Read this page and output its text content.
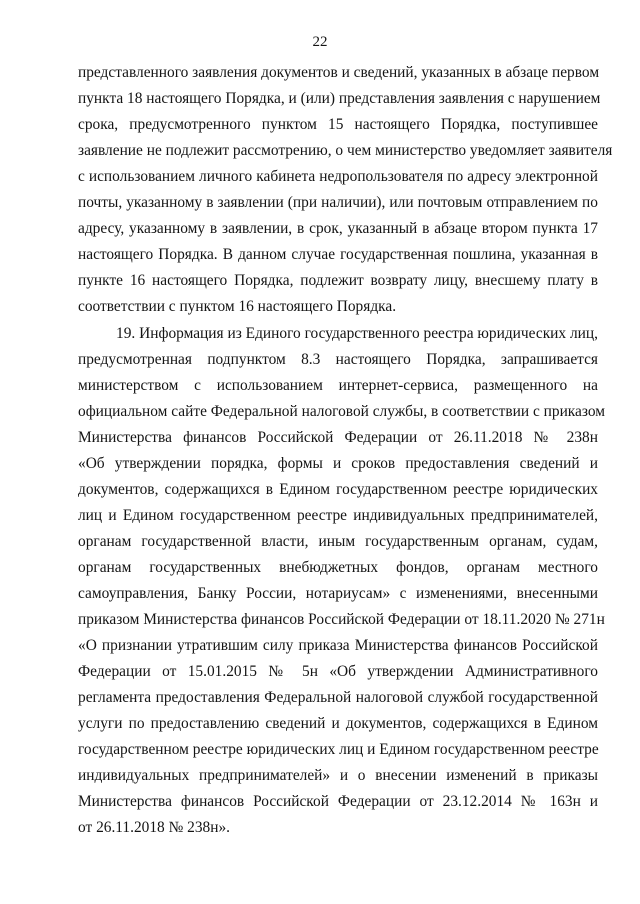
22
представленного заявления документов и сведений, указанных в абзаце первом
пункта 18 настоящего Порядка, и (или) представления заявления с нарушением
срока, предусмотренного пунктом 15 настоящего Порядка, поступившее
заявление не подлежит рассмотрению, о чем министерство уведомляет заявителя
с использованием личного кабинета недропользователя по адресу электронной
почты, указанному в заявлении (при наличии), или почтовым отправлением по
адресу, указанному в заявлении, в срок, указанный в абзаце втором пункта 17
настоящего Порядка. В данном случае государственная пошлина, указанная в
пункте 16 настоящего Порядка, подлежит возврату лицу, внесшему плату в
соответствии с пунктом 16 настоящего Порядка.
19. Информация из Единого государственного реестра юридических лиц,
предусмотренная подпунктом 8.3 настоящего Порядка, запрашивается
министерством с использованием интернет-сервиса, размещенного на
официальном сайте Федеральной налоговой службы, в соответствии с приказом
Министерства финансов Российской Федерации от 26.11.2018 № 238н
«Об утверждении порядка, формы и сроков предоставления сведений и
документов, содержащихся в Едином государственном реестре юридических
лиц и Едином государственном реестре индивидуальных предпринимателей,
органам государственной власти, иным государственным органам, судам,
органам государственных внебюджетных фондов, органам местного
самоуправления, Банку России, нотариусам» с изменениями, внесенными
приказом Министерства финансов Российской Федерации от 18.11.2020 № 271н
«О признании утратившим силу приказа Министерства финансов Российской
Федерации от 15.01.2015 № 5н «Об утверждении Административного
регламента предоставления Федеральной налоговой службой государственной
услуги по предоставлению сведений и документов, содержащихся в Едином
государственном реестре юридических лиц и Едином государственном реестре
индивидуальных предпринимателей» и о внесении изменений в приказы
Министерства финансов Российской Федерации от 23.12.2014 № 163н и
от 26.11.2018 № 238н».
